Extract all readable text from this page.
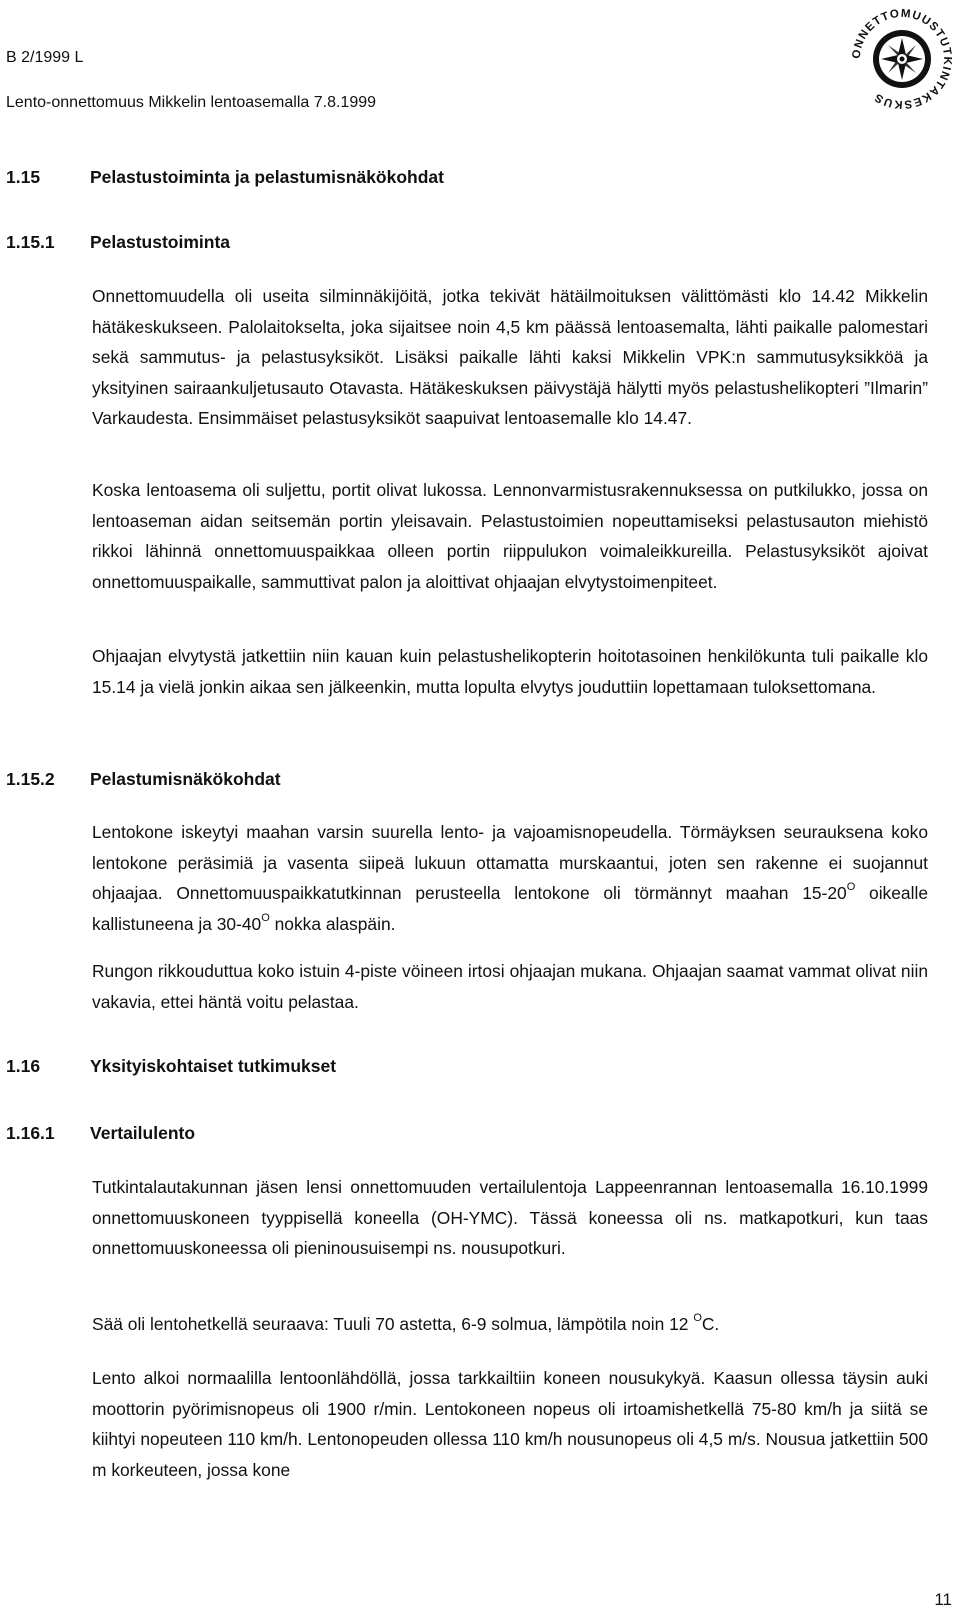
B 2/1999 L
Lento-onnettomuus Mikkelin lentoasemalla 7.8.1999
ONNETTOMUUSTUTKINTAKESKUS
1.15	Pelastustoiminta ja pelastumisnäkökohdat
1.15.1 Pelastustoiminta
Onnettomuudella oli useita silminnäkijöitä, jotka tekivät hätäilmoituksen välittömästi klo 14.42 Mikkelin hätäkeskukseen. Palolaitokselta, joka sijaitsee noin 4,5 km päässä lentoasemalta, lähti paikalle palomestari sekä sammutus- ja pelastusyksiköt. Lisäksi paikalle lähti kaksi Mikkelin VPK:n sammutusyksikköä ja yksityinen sairaankuljetusauto Otavasta. Hätäkeskuksen päivystäjä hälytti myös pelastushelikopteri ”Ilmarin” Varkaudesta. Ensimmäiset pelastusyksiköt saapuivat lentoasemalle klo 14.47.
Koska lentoasema oli suljettu, portit olivat lukossa. Lennonvarmistusrakennuksessa on putkilukko, jossa on lentoaseman aidan seitsemän portin yleisavain. Pelastustoimien nopeuttamiseksi pelastusauton miehistö rikkoi lähinnä onnettomuuspaikkaa olleen portin riippulukon voimaleikkureilla. Pelastusyksiköt ajoivat onnettomuuspaikalle, sammuttivat palon ja aloittivat ohjaajan elvytystoimenpiteet.
Ohjaajan elvytystä jatkettiin niin kauan kuin pelastushelikopterin hoitotasoinen henkilökunta tuli paikalle klo 15.14 ja vielä jonkin aikaa sen jälkeenkin, mutta lopulta elvytys jouduttiin lopettamaan tuloksettomana.
1.15.2 Pelastumisnäkökohdat
Lentokone iskeytyi maahan varsin suurella lento- ja vajoamisnopeudella. Törmäyksen seurauksena koko lentokone peräsimiä ja vasenta siipeä lukuun ottamatta murskaantui, joten sen rakenne ei suojannut ohjaajaa. Onnettomuuspaikkatutkinnan perusteella lentokone oli törmännyt maahan $15-20^O$ oikealle kallistuneena ja $30-40^O$ nokka alaspäin.
Rungon rikkouduttua koko istuin 4-piste vöineen irtosi ohjaajan mukana. Ohjaajan saamat vammat olivat niin vakavia, ettei häntä voitu pelastaa.
1.16	Yksityiskohtaiset tutkimukset
1.16.1 Vertailulento
Tutkintalautakunnan jäsen lensi onnettomuuden vertailulentoja Lappeenrannan lentoasemalla 16.10.1999 onnettomuuskoneen tyyppisellä koneella (OH-YMC). Tässä koneessa oli ns. matkapotkuri, kun taas onnettomuuskoneessa oli pieninousuisempi ns. nousupotkuri.
Sää oli lentohetkellä seuraava: Tuuli 70 astetta, 6-9 solmua, lämpötila noin 12 $^O$C.
Lento alkoi normaalilla lentoonlähdöllä, jossa tarkkailtiin koneen nousukykyä. Kaasun ollessa täysin auki moottorin pyörimisnopeus oli 1900 r/min. Lentokoneen nopeus oli irtoamishetkellä 75-80 km/h ja siitä se kiihtyi nopeuteen 110 km/h. Lentonopeuden ollessa 110 km/h nousunopeus oli 4,5 m/s. Nousua jatkettiin 500 m korkeuteen, jossa kone
11
